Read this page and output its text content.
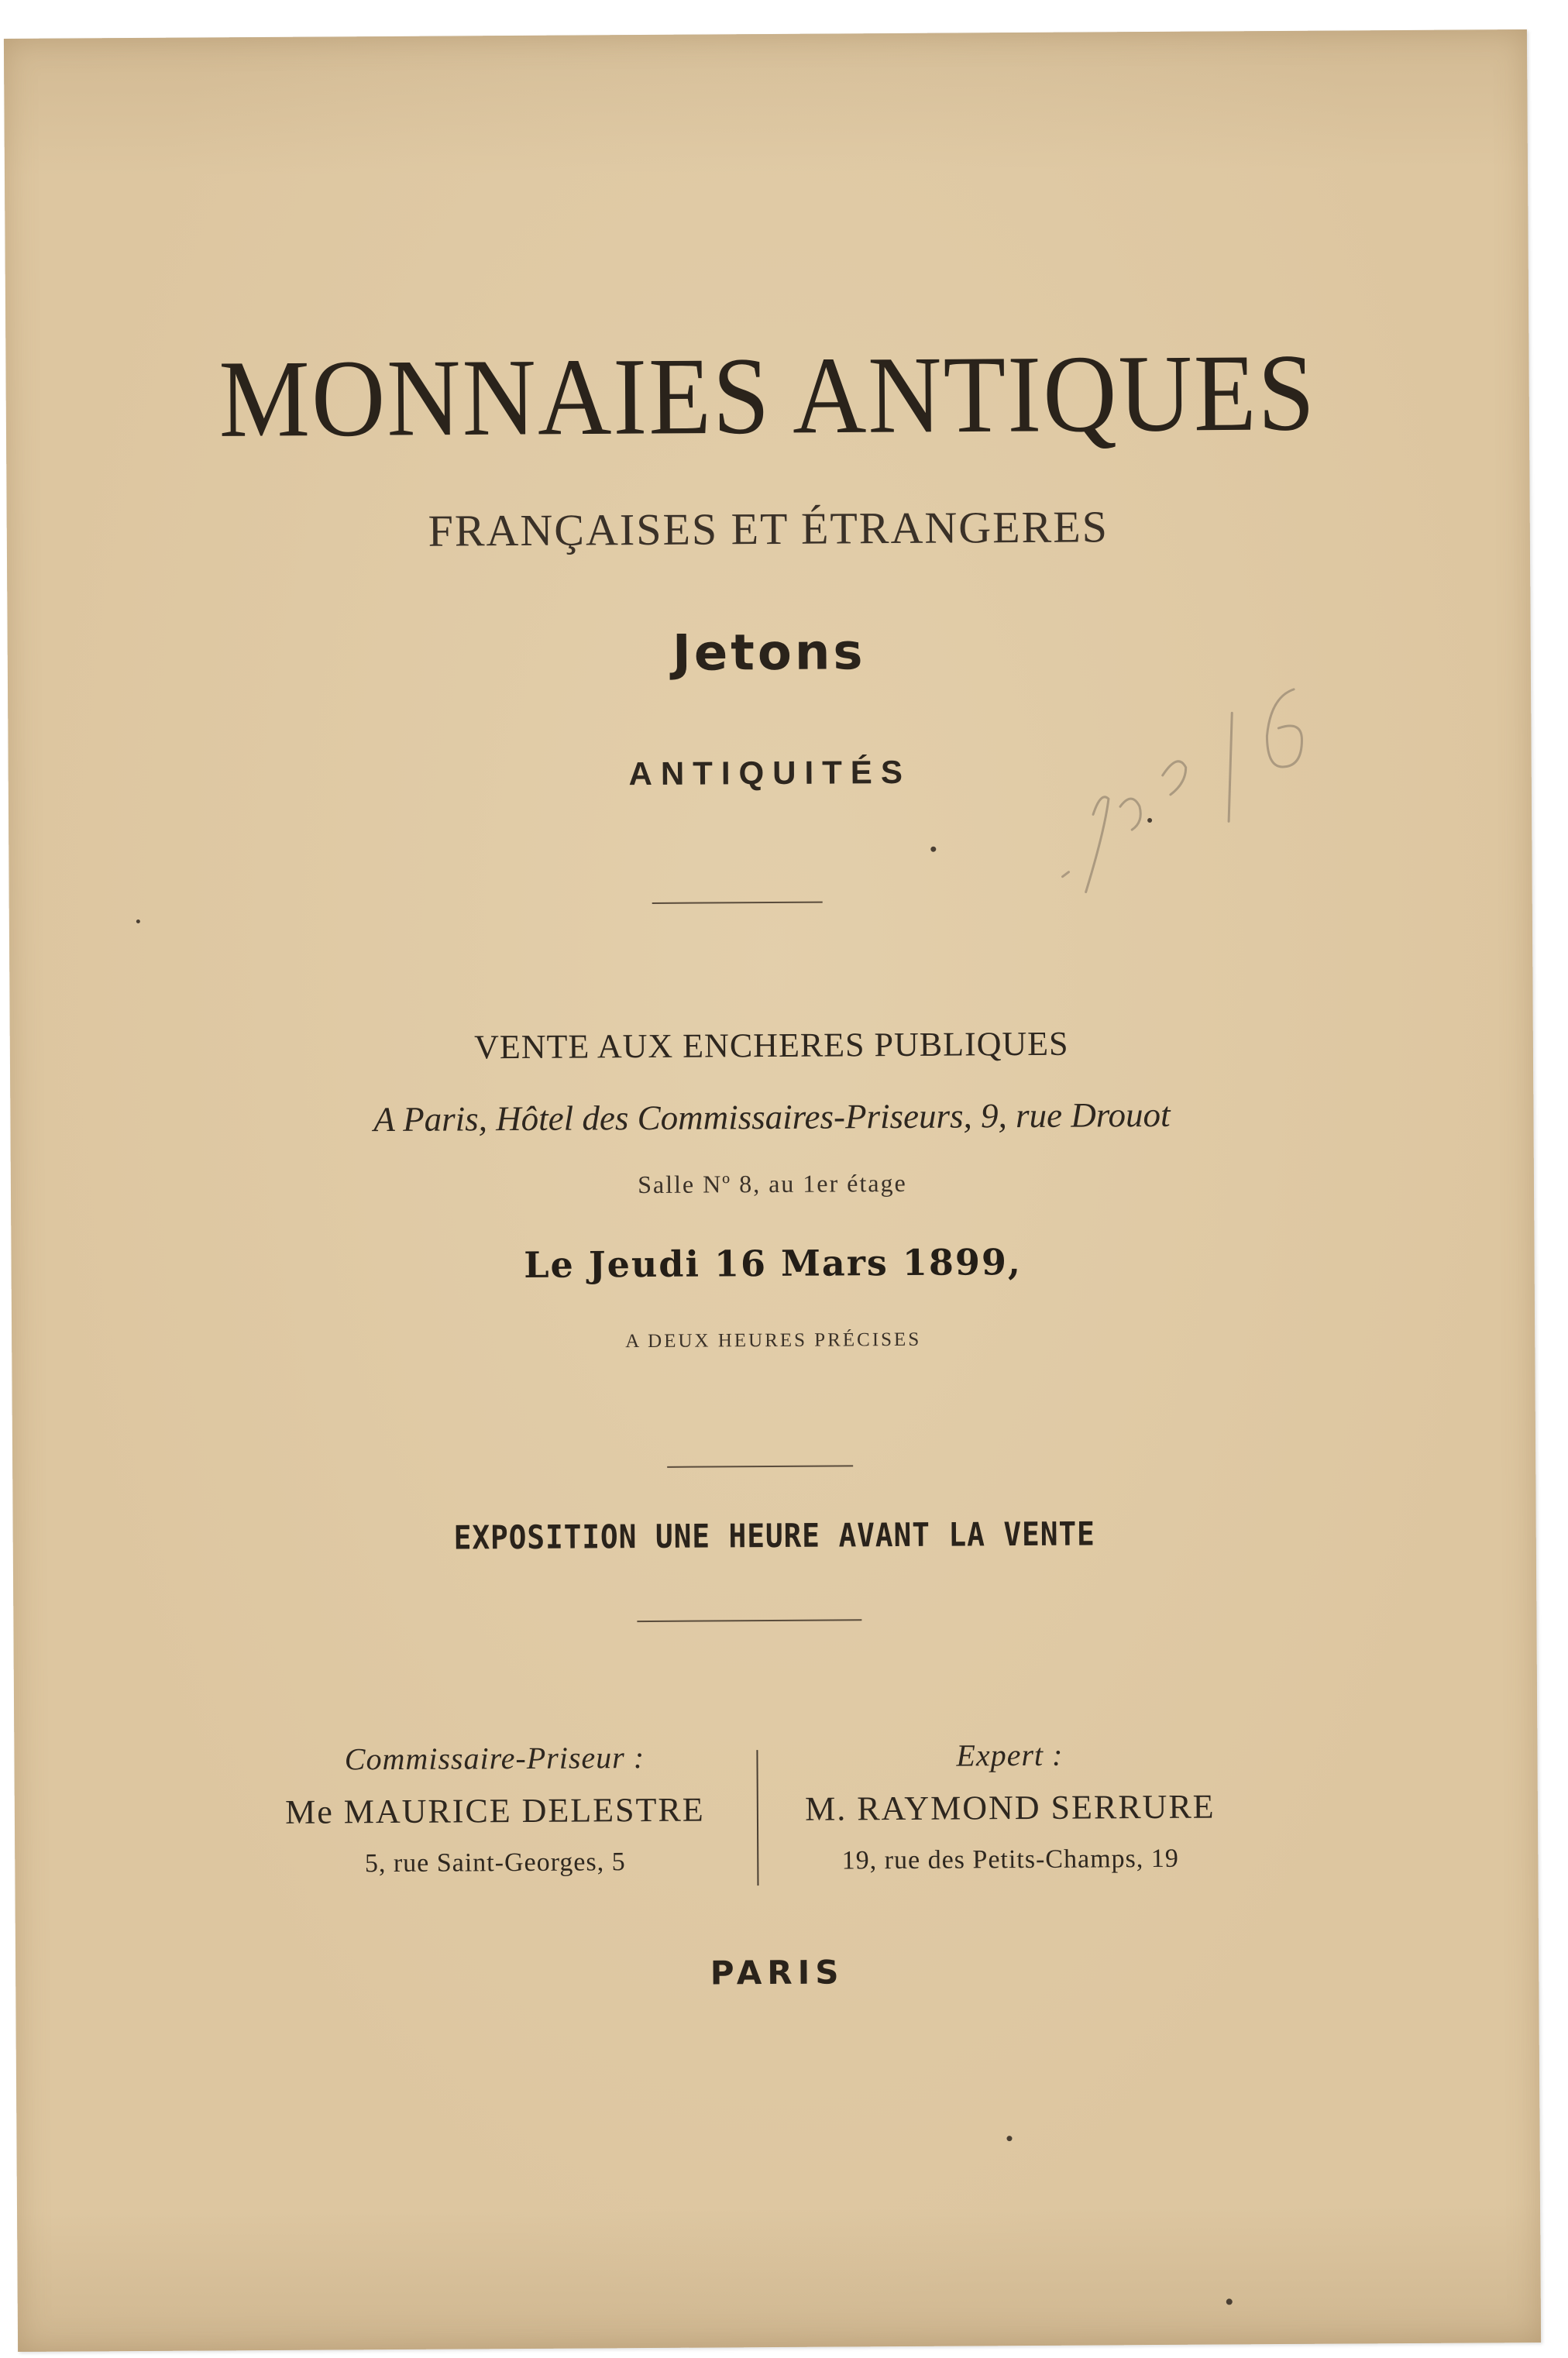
MONNAIES ANTIQUES
FRANÇAISES ET ÉTRANGERES
Jetons
ANTIQUITÉS
VENTE AUX ENCHERES PUBLIQUES
A Paris, Hôtel des Commissaires-Priseurs, 9, rue Drouot
Salle Nº 8, au 1er étage
Le Jeudi 16 Mars 1899,
A DEUX HEURES PRÉCISES
EXPOSITION UNE HEURE AVANT LA VENTE
Commissaire-Priseur :
Me MAURICE DELESTRE
5, rue Saint-Georges, 5
Expert :
M. RAYMOND SERRURE
19, rue des Petits-Champs, 19
PARIS
